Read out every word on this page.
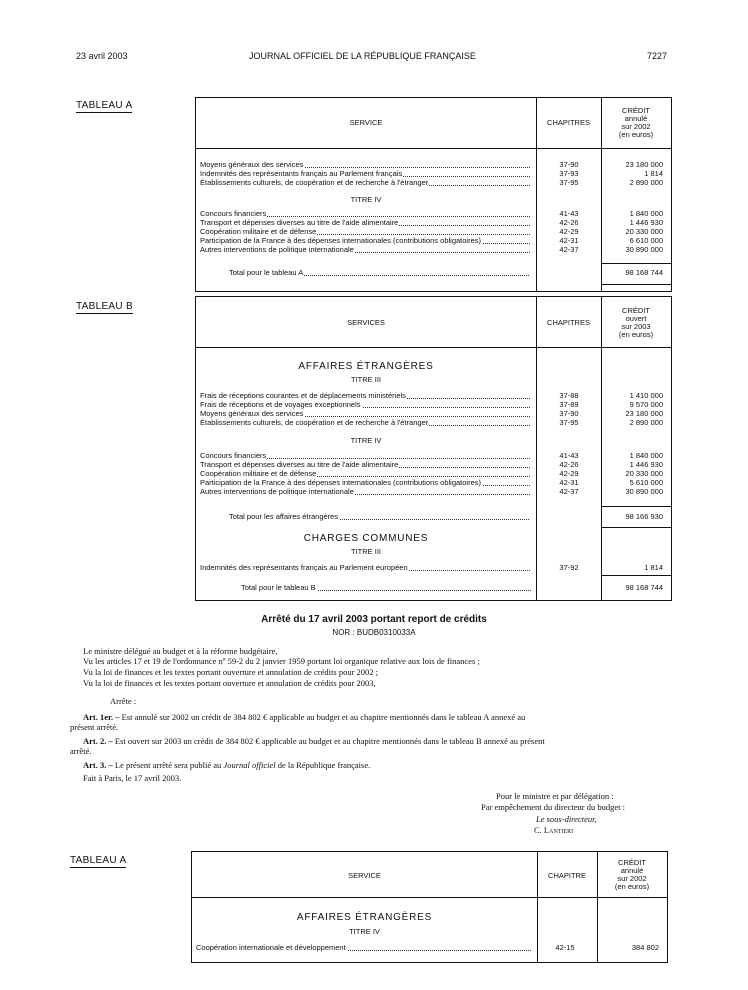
23 avril 2003	JOURNAL OFFICIEL DE LA RÉPUBLIQUE FRANÇAISE	7227
TABLEAU A
SERVICE	CHAPITRES
CRÉDIT
annulé
sur 2002
(en euros)
Moyens généraux des services	37-90	23 180 000
Indemnités des représentants français au Parlement français	37-93	1 814
Établissements culturels, de coopération et de recherche à l'étranger	37-95	2 890 000
TITRE IV
Concours financiers	41-43	1 840 000
Transport et dépenses diverses au titre de l'aide alimentaire	42-26	1 446 930
Coopération militaire et de défense	42-29	20 330 000
Participation de la France à des dépenses internationales (contributions obligatoires)	42-31	6 610 000
Autres interventions de politique internationale	42-37	30 890 000
Total pour le tableau A	98 168 744
TABLEAU B
SERVICES	CHAPITRES
CRÉDIT
ouvert
sur 2003
(en euros)
AFFAIRES ÉTRANGÈRES
TITRE III
Frais de réceptions courantes et de déplacements ministériels	37-88	1 410 000
Frais de réceptions et de voyages exceptionnels	37-89	9 570 000
Moyens généraux des services	37-90	23 180 000
Établissements culturels, de coopération et de recherche à l'étranger	37-95	2 890 000
TITRE IV
Concours financiers	41-43	1 840 000
Transport et dépenses diverses au titre de l'aide alimentaire	42-26	1 446 930
Coopération militaire et de défense	42-29	20 330 000
Participation de la France à des dépenses internationales (contributions obligatoires)	42-31	5 610 000
Autres interventions de politique internationale	42-37	30 890 000
Total pour les affaires étrangères	98 166 930
CHARGES COMMUNES
TITRE III
Indemnités des représentants français au Parlement européen	37-92	1 814
Total pour le tableau B	98 168 744
Arrêté du 17 avril 2003 portant report de crédits
NOR : BUDB0310033A
Le ministre délégué au budget et à la réforme budgétaire,
Vu les articles 17 et 19 de l'ordonnance nº 59-2 du 2 janvier 1959 portant loi organique relative aux lois de finances ;
Vu la loi de finances et les textes portant ouverture et annulation de crédits pour 2002 ;
Vu la loi de finances et les textes portant ouverture et annulation de crédits pour 2003,
Arrête :
Art. 1er. – Est annulé sur 2002 un crédit de 384 802 € applicable au budget et au chapitre mentionnés dans le tableau A annexé au
présent arrêté.
Art. 2. – Est ouvert sur 2003 un crédit de 384 802 € applicable au budget et au chapitre mentionnés dans le tableau B annexé au présent
arrêté.
Art. 3. – Le présent arrêté sera publié au Journal officiel de la République française.
Fait à Paris, le 17 avril 2003.
Pour le ministre et par délégation :
Par empêchement du directeur du budget :
Le sous-directeur,
C. Lantieri
TABLEAU A
SERVICE	CHAPITRE
CRÉDIT
annulé
sur 2002
(en euros)
AFFAIRES ÉTRANGÈRES
TITRE IV
Coopération internationale et développement	42-15	384 802
